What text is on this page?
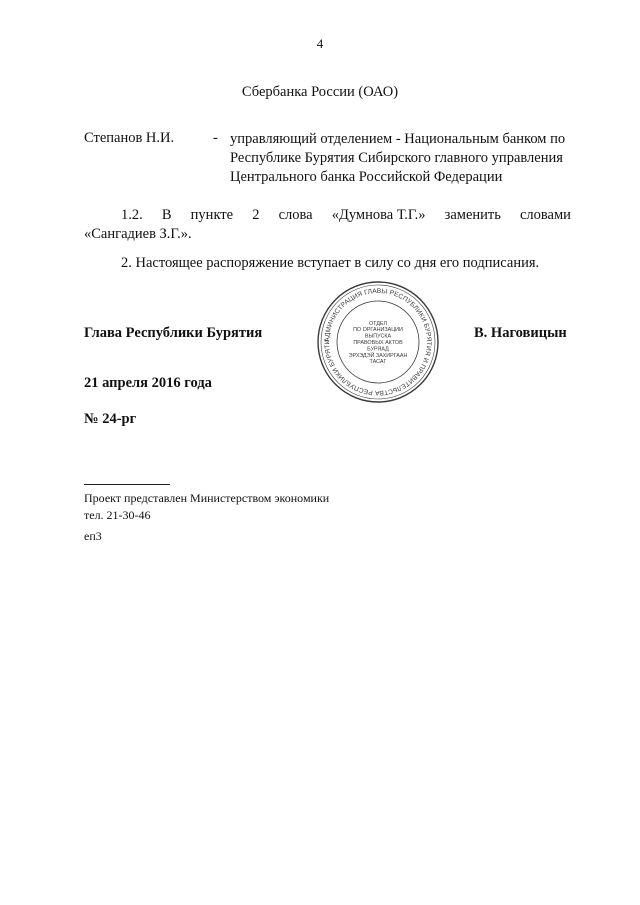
4
Сбербанка России (ОАО)
Степанов Н.И.	- управляющий отделением - Национальным банком по
Республике Бурятия Сибирского главного управления
Центрального банка Российской Федерации
1.2. В пункте 2 слова «Думнова Т.Г.» заменить словами
«Сангадиев З.Г.».
2. Настоящее распоряжение вступает в силу со дня его подписания.
Глава Республики Бурятия	В. Наговицын
21 апреля 2016 года
№ 24-рг
АДМИНИСТРАЦИЯ ГЛАВЫ РЕСПУБЛИКИ БУРЯТИЯ И ПРАВИТЕЛЬСТВА РЕСПУБЛИКИ БУРЯТИ
ОТДЕЛ
ПО ОРГАНИЗАЦИИ
ВЫПУСКА
ПРАВОВЫХ АКТОВ
БУРЯАД
ЭРХЭДЭЙ ЗАХИРГААН
ТАСАГ
Проект представлен Министерством экономики
тел. 21-30-46
еп3
